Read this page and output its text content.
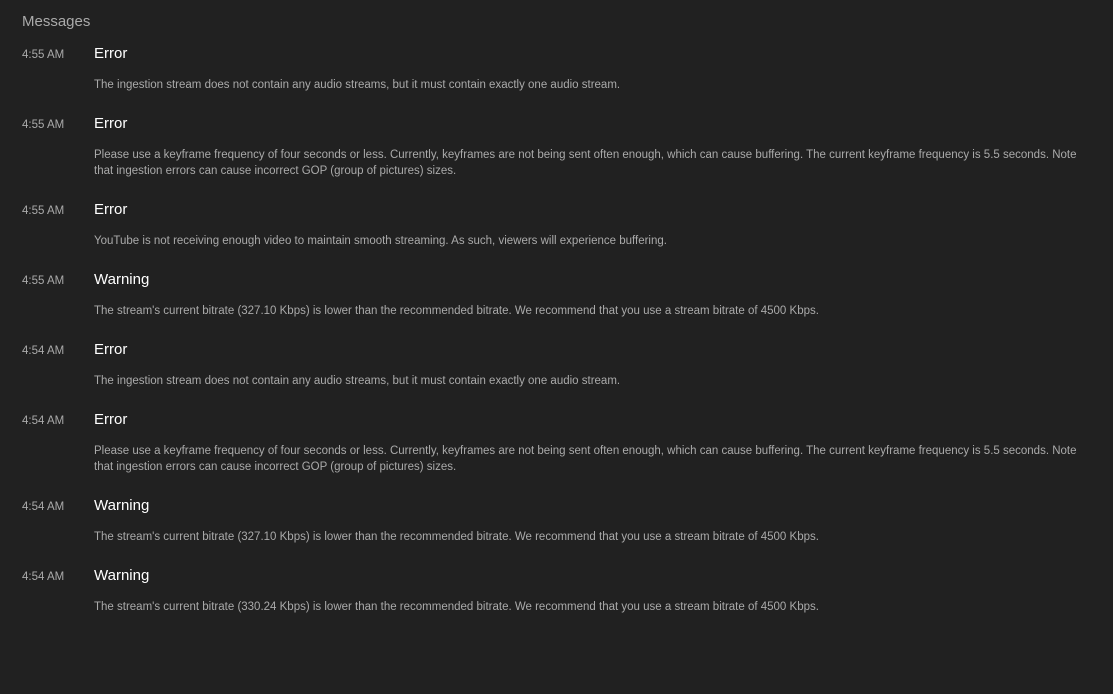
Messages
4:55 AM	Error
The ingestion stream does not contain any audio streams, but it must contain exactly one audio stream.
4:55 AM	Error
Please use a keyframe frequency of four seconds or less. Currently, keyframes are not being sent often enough, which can cause buffering. The current keyframe frequency is 5.5 seconds. Note that ingestion errors can cause incorrect GOP (group of pictures) sizes.
4:55 AM	Error
YouTube is not receiving enough video to maintain smooth streaming. As such, viewers will experience buffering.
4:55 AM	Warning
The stream's current bitrate (327.10 Kbps) is lower than the recommended bitrate. We recommend that you use a stream bitrate of 4500 Kbps.
4:54 AM	Error
The ingestion stream does not contain any audio streams, but it must contain exactly one audio stream.
4:54 AM	Error
Please use a keyframe frequency of four seconds or less. Currently, keyframes are not being sent often enough, which can cause buffering. The current keyframe frequency is 5.5 seconds. Note that ingestion errors can cause incorrect GOP (group of pictures) sizes.
4:54 AM	Warning
The stream's current bitrate (327.10 Kbps) is lower than the recommended bitrate. We recommend that you use a stream bitrate of 4500 Kbps.
4:54 AM	Warning
The stream's current bitrate (330.24 Kbps) is lower than the recommended bitrate. We recommend that you use a stream bitrate of 4500 Kbps.
